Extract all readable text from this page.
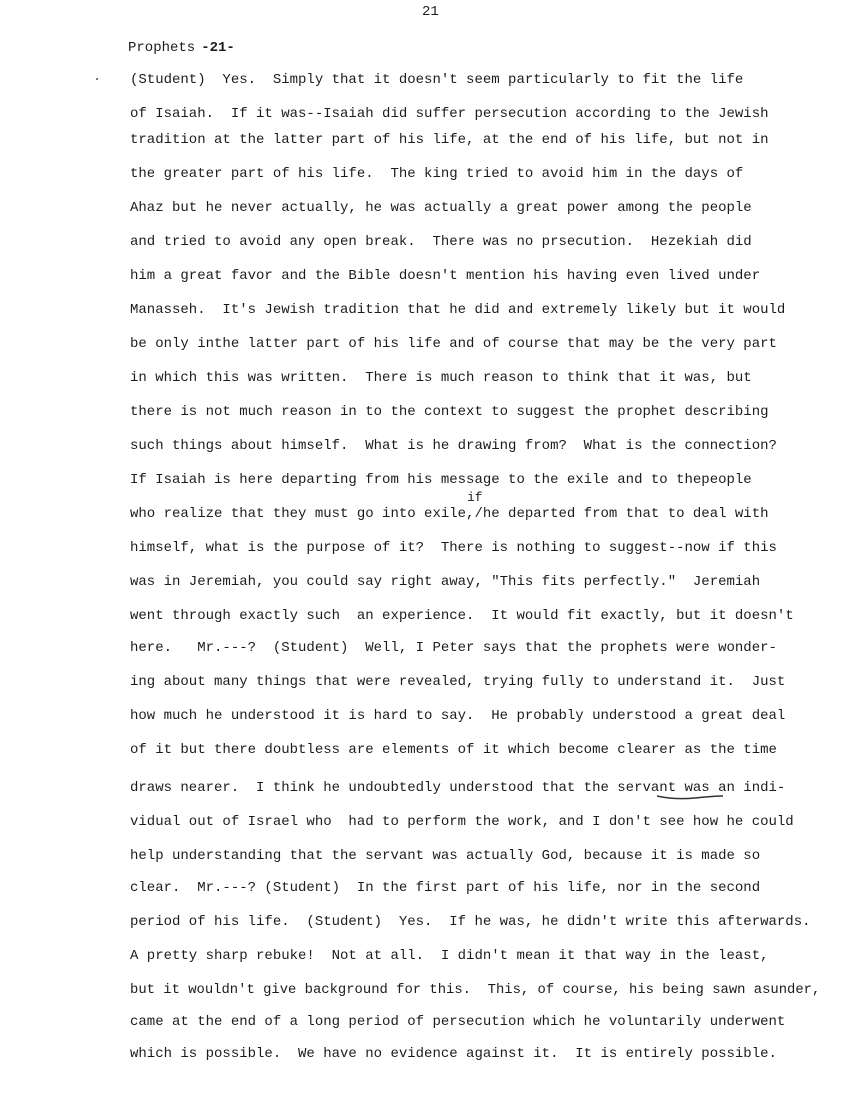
21
Prophets -21-
if
(Student)  Yes.  Simply that it doesn't seem particularly to fit the life
of Isaiah.  If it was--Isaiah did suffer persecution according to the Jewish
tradition at the latter part of his life, at the end of his life, but not in
the greater part of his life.  The king tried to avoid him in the days of
Ahaz but he never actually, he was actually a great power among the people
and tried to avoid any open break.  There was no prsecution.  Hezekiah did
him a great favor and the Bible doesn't mention his having even lived under
Manasseh.  It's Jewish tradition that he did and extremely likely but it would
be only inthe latter part of his life and of course that may be the very part
in which this was written.  There is much reason to think that it was, but
there is not much reason in to the context to suggest the prophet describing
such things about himself.  What is he drawing from?  What is the connection?
If Isaiah is here departing from his message to the exile and to thepeople
who realize that they must go into exile,/he departed from that to deal with
himself, what is the purpose of it?  There is nothing to suggest--now if this
was in Jeremiah, you could say right away, "This fits perfectly."  Jeremiah
went through exactly such  an experience.  It would fit exactly, but it doesn't
here.   Mr.---?  (Student)  Well, I Peter says that the prophets were wonder-
ing about many things that were revealed, trying fully to understand it.  Just
how much he understood it is hard to say.  He probably understood a great deal
of it but there doubtless are elements of it which become clearer as the time
draws nearer.  I think he undoubtedly understood that the servant was an indi-
vidual out of Israel who  had to perform the work, and I don't see how he could
help understanding that the servant was actually God, because it is made so
clear.  Mr.---? (Student)  In the first part of his life, nor in the second
period of his life.  (Student)  Yes.  If he was, he didn't write this afterwards.
A pretty sharp rebuke!  Not at all.  I didn't mean it that way in the least,
but it wouldn't give background for this.  This, of course, his being sawn asunder,
came at the end of a long period of persecution which he voluntarily underwent
which is possible.  We have no evidence against it.  It is entirely possible.
